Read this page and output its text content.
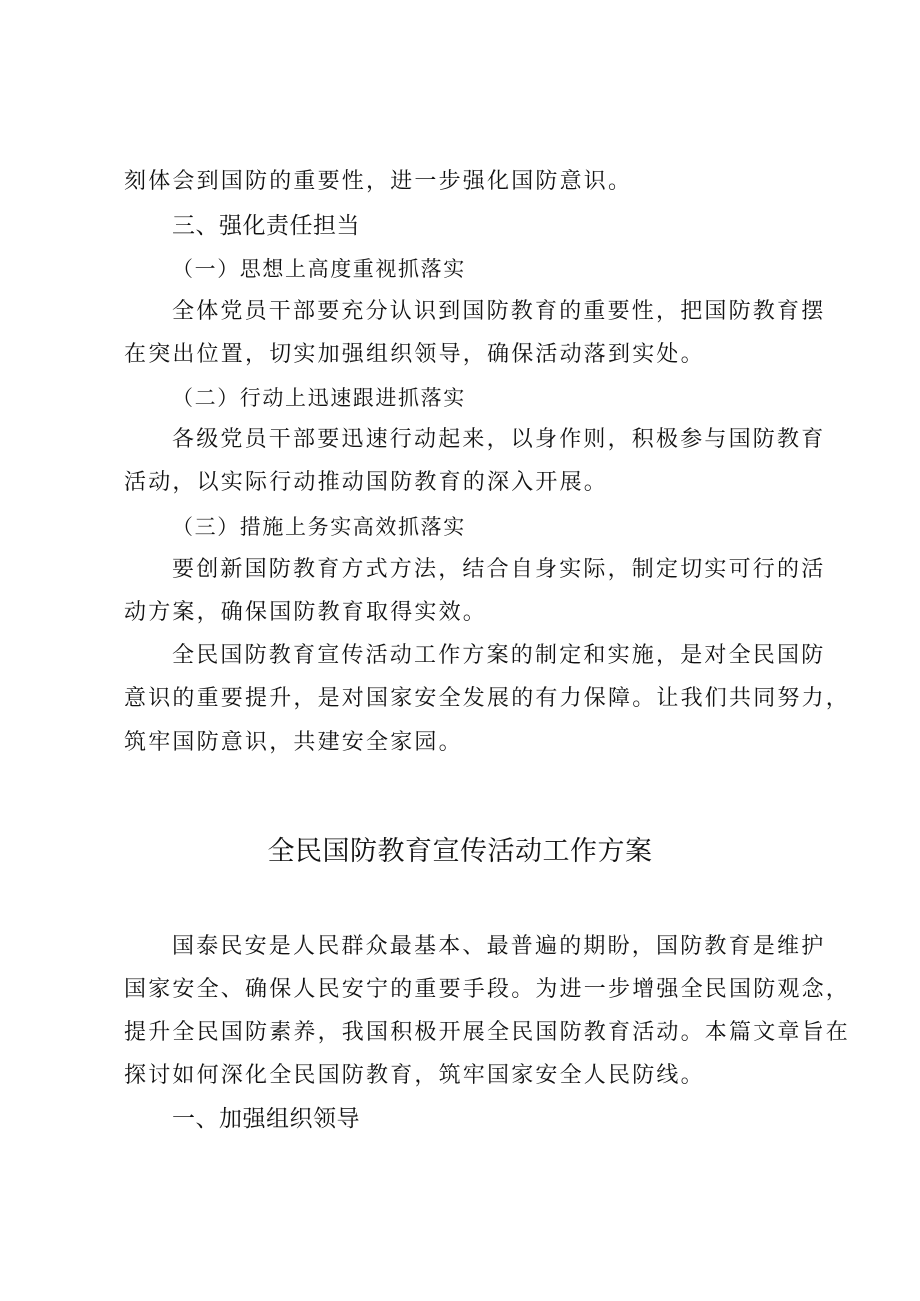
刻体会到国防的重要性，进一步强化国防意识。
三、强化责任担当
（一）思想上高度重视抓落实
全体党员干部要充分认识到国防教育的重要性，把国防教育摆
在突出位置，切实加强组织领导，确保活动落到实处。
（二）行动上迅速跟进抓落实
各级党员干部要迅速行动起来，以身作则，积极参与国防教育
活动，以实际行动推动国防教育的深入开展。
（三）措施上务实高效抓落实
要创新国防教育方式方法，结合自身实际，制定切实可行的活
动方案，确保国防教育取得实效。
全民国防教育宣传活动工作方案的制定和实施，是对全民国防
意识的重要提升，是对国家安全发展的有力保障。让我们共同努力，
筑牢国防意识，共建安全家园。
全民国防教育宣传活动工作方案
国泰民安是人民群众最基本、最普遍的期盼，国防教育是维护
国家安全、确保人民安宁的重要手段。为进一步增强全民国防观念，
提升全民国防素养，我国积极开展全民国防教育活动。本篇文章旨在
探讨如何深化全民国防教育，筑牢国家安全人民防线。
一、加强组织领导
